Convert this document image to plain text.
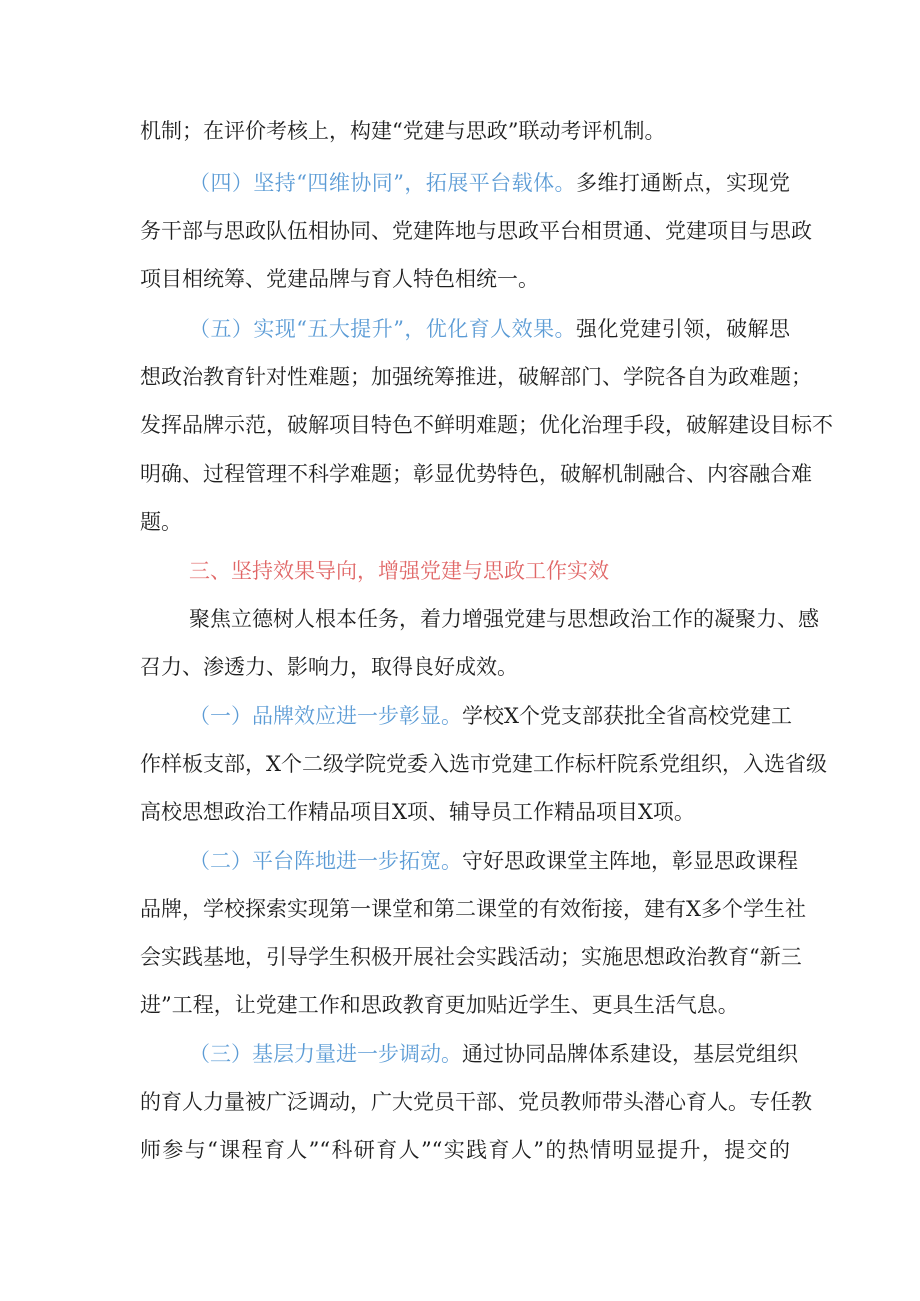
机制；在评价考核上，构建“党建与思政”联动考评机制。
（四）坚持“四维协同”，拓展平台载体。多维打通断点，实现党
务干部与思政队伍相协同、党建阵地与思政平台相贯通、党建项目与思政
项目相统筹、党建品牌与育人特色相统一。
（五）实现“五大提升”，优化育人效果。强化党建引领，破解思
想政治教育针对性难题；加强统筹推进，破解部门、学院各自为政难题；
发挥品牌示范，破解项目特色不鲜明难题；优化治理手段，破解建设目标不
明确、过程管理不科学难题；彰显优势特色，破解机制融合、内容融合难
题。
三、坚持效果导向，增强党建与思政工作实效
聚焦立德树人根本任务，着力增强党建与思想政治工作的凝聚力、感
召力、渗透力、影响力，取得良好成效。
（一）品牌效应进一步彰显。学校X个党支部获批全省高校党建工
作样板支部，X个二级学院党委入选市党建工作标杆院系党组织，入选省级
高校思想政治工作精品项目X项、辅导员工作精品项目X项。
（二）平台阵地进一步拓宽。守好思政课堂主阵地，彰显思政课程
品牌，学校探索实现第一课堂和第二课堂的有效衔接，建有X多个学生社
会实践基地，引导学生积极开展社会实践活动；实施思想政治教育“新三
进”工程，让党建工作和思政教育更加贴近学生、更具生活气息。
（三）基层力量进一步调动。通过协同品牌体系建设，基层党组织
的育人力量被广泛调动，广大党员干部、党员教师带头潜心育人。专任教
师参与“课程育人”“科研育人”“实践育人”的热情明显提升，提交的
